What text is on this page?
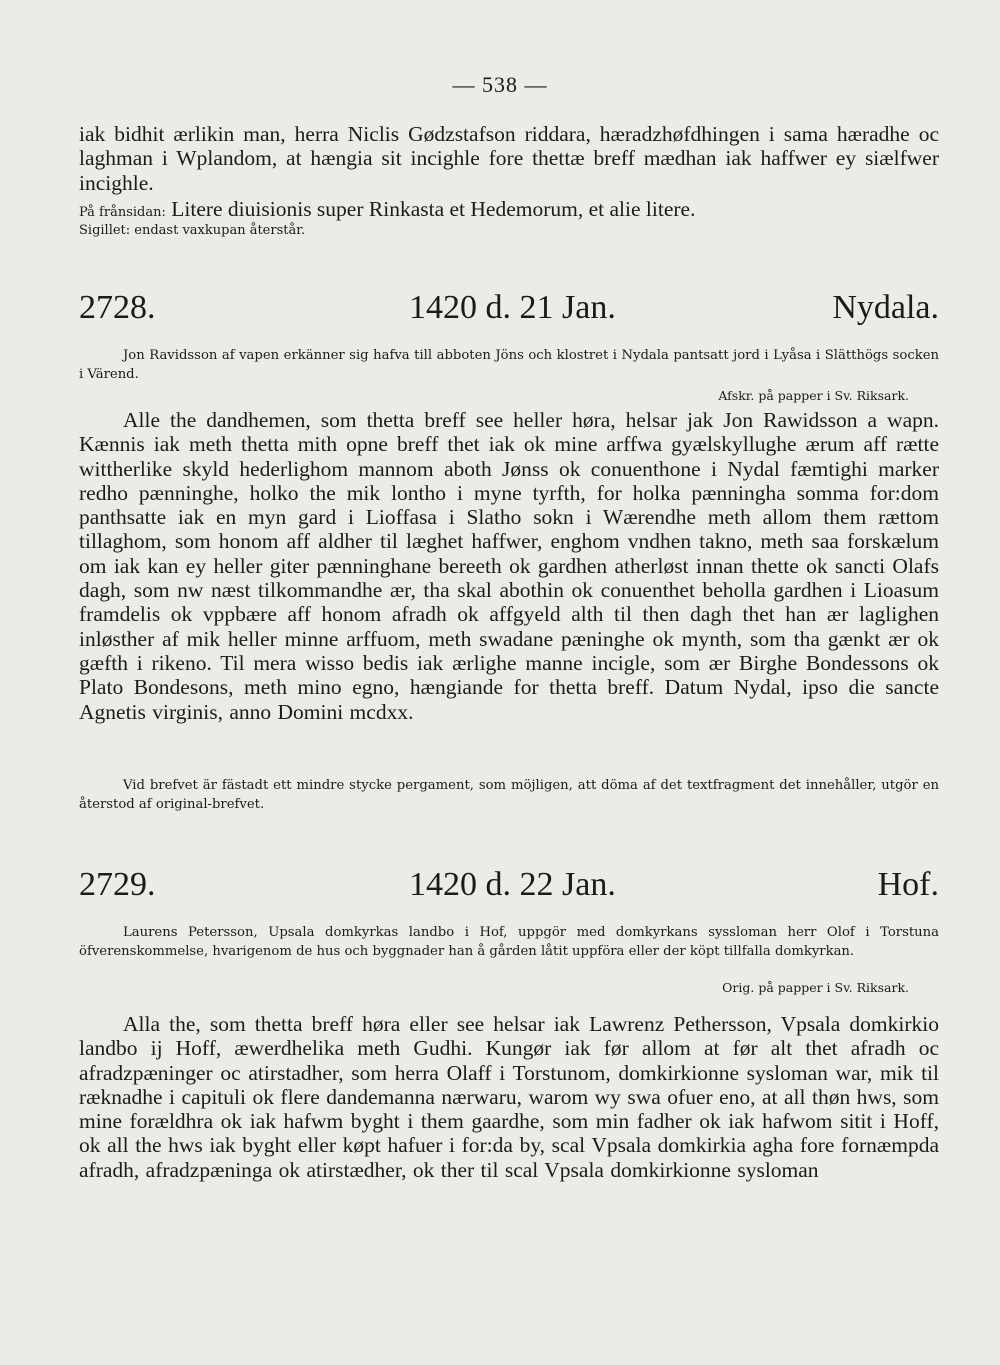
— 538 —
iak bidhit ærlikin man, herra Niclis Gødzstafson riddara, hæradzhøfdhingen i sama hæradhe oc laghman i Wplandom, at hængia sit incighle fore thettæ breff mædhan iak haffwer ey siælfwer incighle.
På frånsidan: Litere diuisionis super Rinkasta et Hedemorum, et alie litere.
Sigillet: endast vaxkupan återstår.
2728.	1420 d. 21 Jan.	Nydala.
Jon Ravidsson af vapen erkänner sig hafva till abboten Jöns och klostret i Nydala pantsatt jord i Lyåsa i Slätthögs socken i Värend.
Afskr. på papper i Sv. Riksark.
Alle the dandhemen, som thetta breff see heller høra, helsar jak Jon Rawidsson a wapn. Kænnis iak meth thetta mith opne breff thet iak ok mine arffwa gyælskyllughe ærum aff rætte wittherlike skyld hederlighom mannom aboth Jønss ok conuenthone i Nydal fæmtighi marker redho pænninghe, holko the mik lontho i myne tyrfth, for holka pænningha somma for:dom panthsatte iak en myn gard i Lioffasa i Slatho sokn i Wærendhe meth allom them rættom tillaghom, som honom aff aldher til læghet haffwer, enghom vndhen takno, meth saa forskælum om iak kan ey heller giter pænninghane bereeth ok gardhen atherløst innan thette ok sancti Olafs dagh, som nw næst tilkommandhe ær, tha skal abothin ok conuenthet beholla gardhen i Lioasum framdelis ok vppbære aff honom afradh ok affgyeld alth til then dagh thet han ær laglighen inløsther af mik heller minne arffuom, meth swadane pæninghe ok mynth, som tha gænkt ær ok gæfth i rikeno. Til mera wisso bedis iak ærlighe manne incigle, som ær Birghe Bondessons ok Plato Bondesons, meth mino egno, hængiande for thetta breff. Datum Nydal, ipso die sancte Agnetis virginis, anno Domini mcdxx.
Vid brefvet är fästadt ett mindre stycke pergament, som möjligen, att döma af det textfragment det innehåller, utgör en återstod af original-brefvet.
2729.	1420 d. 22 Jan.	Hof.
Laurens Petersson, Upsala domkyrkas landbo i Hof, uppgör med domkyrkans syssloman herr Olof i Torstuna öfverenskommelse, hvarigenom de hus och byggnader han å gården låtit uppföra eller der köpt tillfalla domkyrkan.
Orig. på papper i Sv. Riksark.
Alla the, som thetta breff høra eller see helsar iak Lawrenz Pethersson, Vpsala domkirkio landbo ij Hoff, æwerdhelika meth Gudhi. Kungør iak før allom at før alt thet afradh oc afradzpæninger oc atirstadher, som herra Olaff i Torstunom, domkirkionne sysloman war, mik til ræknadhe i capituli ok flere dandemanna nærwaru, warom wy swa ofuer eno, at all thøn hws, som mine forældhra ok iak hafwm byght i them gaardhe, som min fadher ok iak hafwom sitit i Hoff, ok all the hws iak byght eller køpt hafuer i for:da by, scal Vpsala domkirkia agha fore fornæmpda afradh, afradzpæninga ok atirstædher, ok ther til scal Vpsala domkirkionne sysloman
